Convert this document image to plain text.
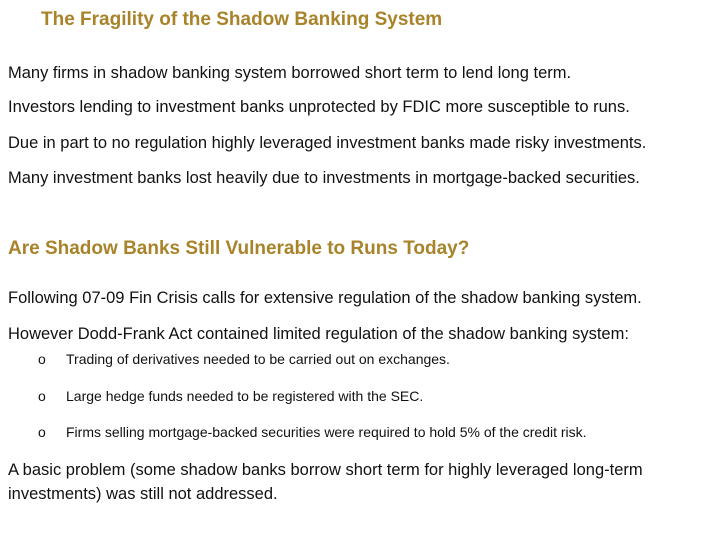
The Fragility of the Shadow Banking System
Many firms in shadow banking system borrowed short term to lend long term.
Investors lending to investment banks unprotected by FDIC more susceptible to runs.
Due in part to no regulation highly leveraged investment banks made risky investments.
Many investment banks lost heavily due to investments in mortgage-backed securities.
Are Shadow Banks Still Vulnerable to Runs Today?
Following 07-09 Fin Crisis calls for extensive regulation of the shadow banking system.
However Dodd-Frank Act contained limited regulation of the shadow banking system:
o Trading of derivatives needed to be carried out on exchanges.
o Large hedge funds needed to be registered with the SEC.
o Firms selling mortgage-backed securities were required to hold 5% of the credit risk.
A basic problem (some shadow banks borrow short term for highly leveraged long-term investments) was still not addressed.
